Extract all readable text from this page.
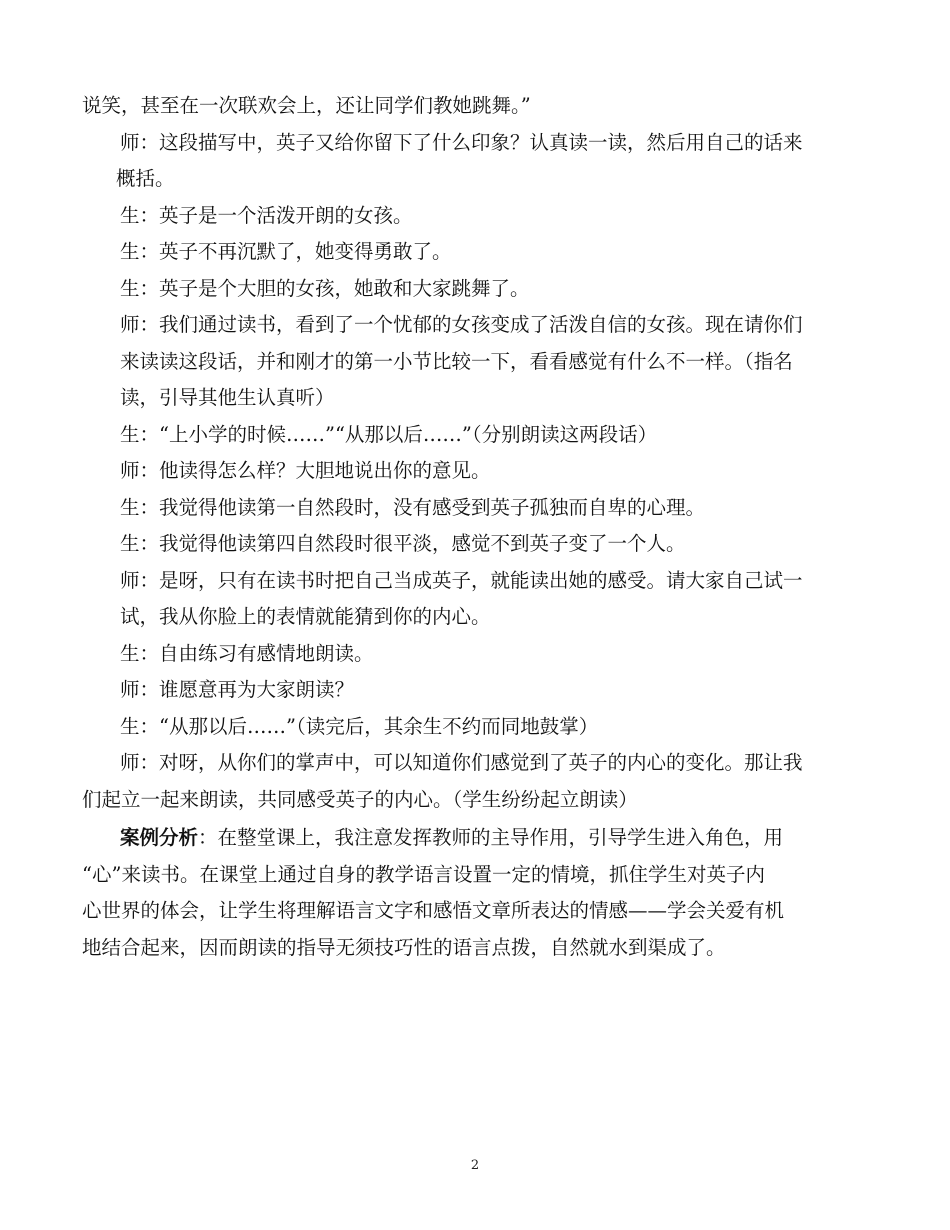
说笑，甚至在一次联欢会上，还让同学们教她跳舞。”
师：这段描写中，英子又给你留下了什么印象？认真读一读，然后用自己的话来
概括。
生：英子是一个活泼开朗的女孩。
生：英子不再沉默了，她变得勇敢了。
生：英子是个大胆的女孩，她敢和大家跳舞了。
师：我们通过读书，看到了一个忧郁的女孩变成了活泼自信的女孩。现在请你们
来读读这段话，并和刚才的第一小节比较一下，看看感觉有什么不一样。（指名
读，引导其他生认真听）
生：“上小学的时候……”“从那以后……”（分别朗读这两段话）
师：他读得怎么样？大胆地说出你的意见。
生：我觉得他读第一自然段时，没有感受到英子孤独而自卑的心理。
生：我觉得他读第四自然段时很平淡，感觉不到英子变了一个人。
师：是呀，只有在读书时把自己当成英子，就能读出她的感受。请大家自己试一
试，我从你脸上的表情就能猜到你的内心。
生：自由练习有感情地朗读。
师：谁愿意再为大家朗读？
生：“从那以后……”（读完后，其余生不约而同地鼓掌）
师：对呀，从你们的掌声中，可以知道你们感觉到了英子的内心的变化。那让我
们起立一起来朗读，共同感受英子的内心。（学生纷纷起立朗读）
案例分析：在整堂课上，我注意发挥教师的主导作用，引导学生进入角色，用
“心”来读书。在课堂上通过自身的教学语言设置一定的情境，抓住学生对英子内
心世界的体会，让学生将理解语言文字和感悟文章所表达的情感——学会关爱有机
地结合起来，因而朗读的指导无须技巧性的语言点拨，自然就水到渠成了。
2
